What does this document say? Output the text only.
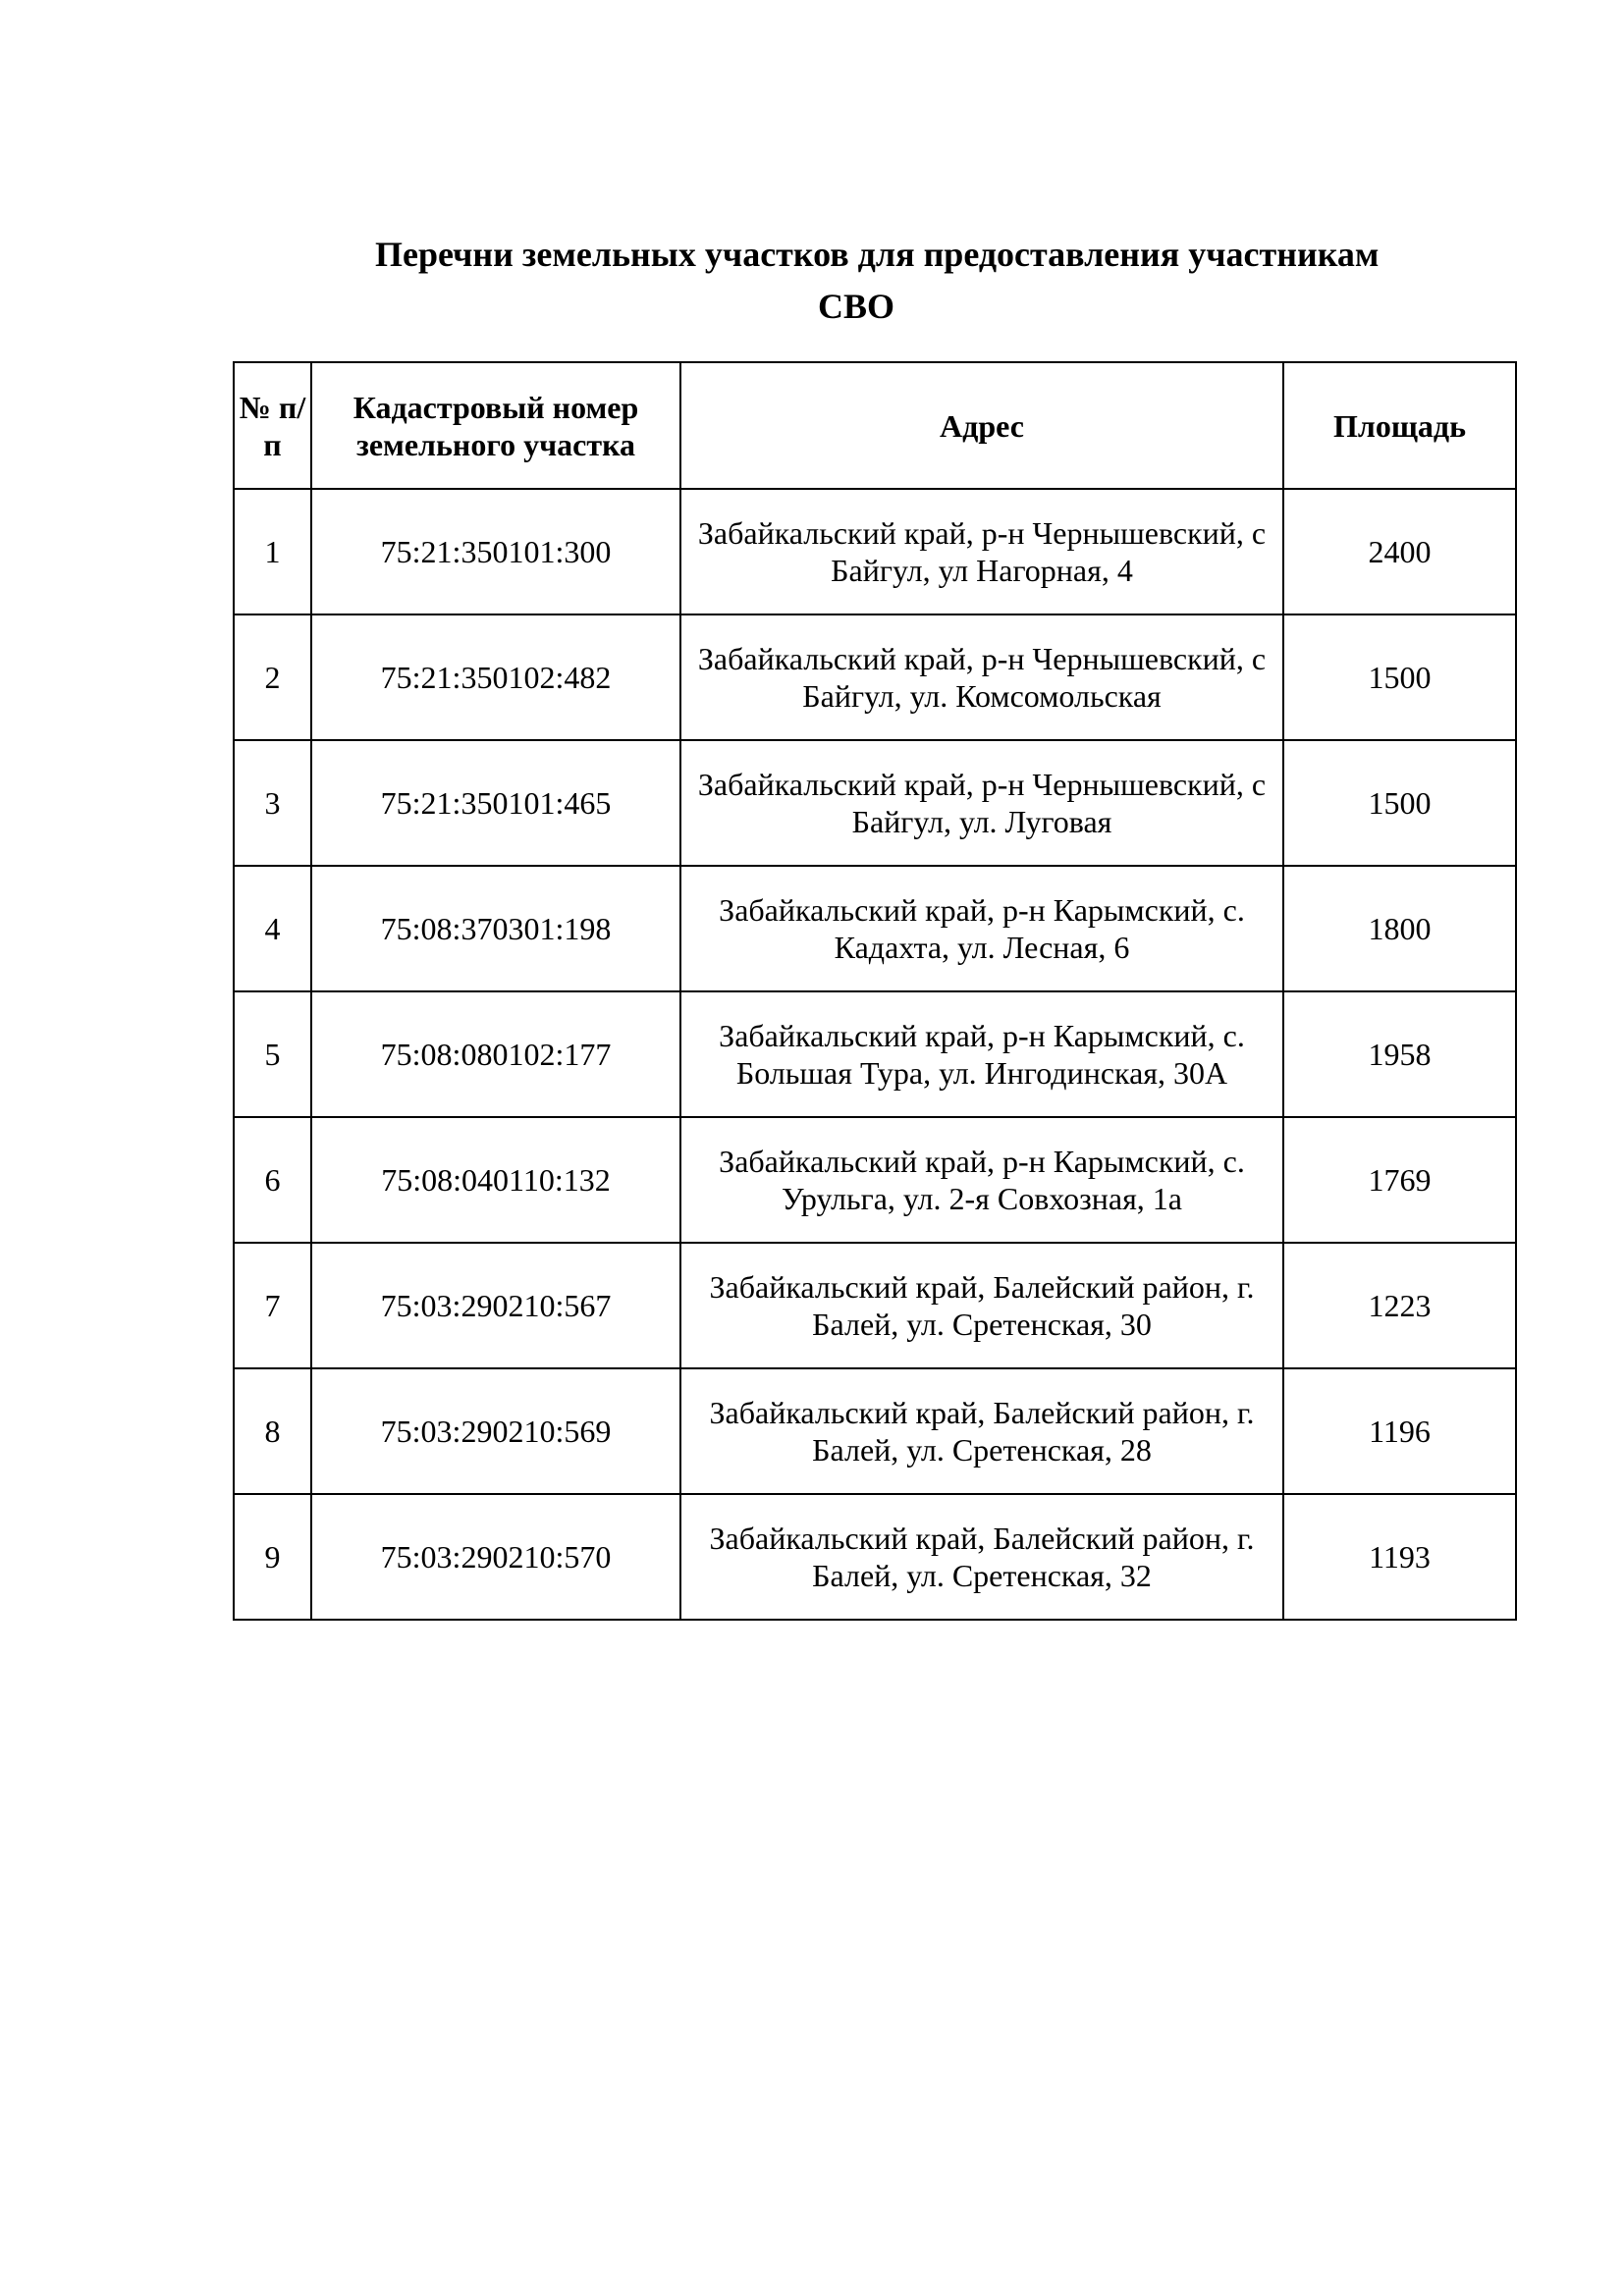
Перечни земельных участков для предоставления участникам
СВО
№ п/п	Кадастровый номер земельного участка	Адрес	Площадь
1	75:21:350101:300	Забайкальский край, р-н Чернышевский, с Байгул, ул Нагорная, 4	2400
2	75:21:350102:482	Забайкальский край, р-н Чернышевский, с Байгул, ул. Комсомольская	1500
3	75:21:350101:465	Забайкальский край, р-н Чернышевский, с Байгул, ул. Луговая	1500
4	75:08:370301:198	Забайкальский край, р-н Карымский, с. Кадахта, ул. Лесная, 6	1800
5	75:08:080102:177	Забайкальский край, р-н Карымский, с. Большая Тура, ул. Ингодинская, 30А	1958
6	75:08:040110:132	Забайкальский край, р-н Карымский, с. Урульга, ул. 2-я Совхозная, 1а	1769
7	75:03:290210:567	Забайкальский край, Балейский район, г. Балей, ул. Сретенская, 30	1223
8	75:03:290210:569	Забайкальский край, Балейский район, г. Балей, ул. Сретенская, 28	1196
9	75:03:290210:570	Забайкальский край, Балейский район, г. Балей, ул. Сретенская, 32	1193
